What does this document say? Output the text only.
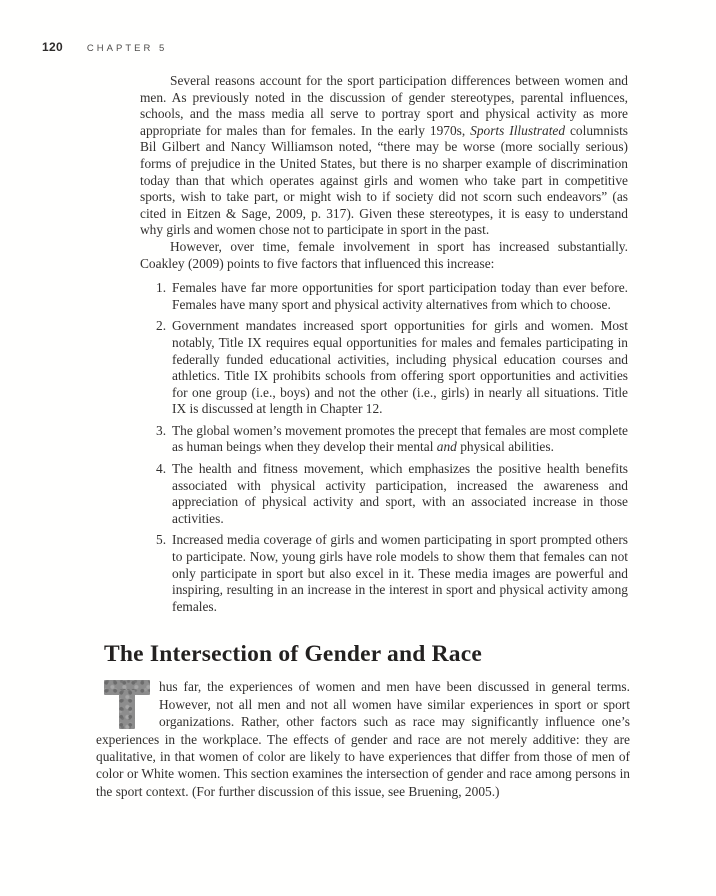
120	CHAPTER 5

Several reasons account for the sport participation differences between women and men. As previously noted in the discussion of gender stereotypes, parental influences, schools, and the mass media all serve to portray sport and physical activity as more appropriate for males than for females. In the early 1970s, Sports Illustrated columnists Bil Gilbert and Nancy Williamson noted, “there may be worse (more socially serious) forms of prejudice in the United States, but there is no sharper example of discrimination today than that which operates against girls and women who take part in competitive sports, wish to take part, or might wish to if society did not scorn such endeavors” (as cited in Eitzen & Sage, 2009, p. 317). Given these stereotypes, it is easy to understand why girls and women chose not to participate in sport in the past.

However, over time, female involvement in sport has increased substantially. Coakley (2009) points to five factors that influenced this increase:

1. Females have far more opportunities for sport participation today than ever before. Females have many sport and physical activity alternatives from which to choose.
2. Government mandates increased sport opportunities for girls and women. Most notably, Title IX requires equal opportunities for males and females participating in federally funded educational activities, including physical education courses and athletics. Title IX prohibits schools from offering sport opportunities and activities for one group (i.e., boys) and not the other (i.e., girls) in nearly all situations. Title IX is discussed at length in Chapter 12.
3. The global women’s movement promotes the precept that females are most complete as human beings when they develop their mental and physical abilities.
4. The health and fitness movement, which emphasizes the positive health benefits associated with physical activity participation, increased the awareness and appreciation of physical activity and sport, with an associated increase in those activities.
5. Increased media coverage of girls and women participating in sport prompted others to participate. Now, young girls have role models to show them that females can not only participate in sport but also excel in it. These media images are powerful and inspiring, resulting in an increase in the interest in sport and physical activity among females.
The Intersection of Gender and Race

hus far, the experiences of women and men have been discussed in general terms. However, not all men and not all women have similar experiences in sport or sport organizations. Rather, other factors such as race may significantly influence one’s experiences in the workplace. The effects of gender and race are not merely additive: they are qualitative, in that women of color are likely to have experiences that differ from those of men of color or White women. This section examines the intersection of gender and race among persons in the sport context. (For further discussion of this issue, see Bruening, 2005.)
